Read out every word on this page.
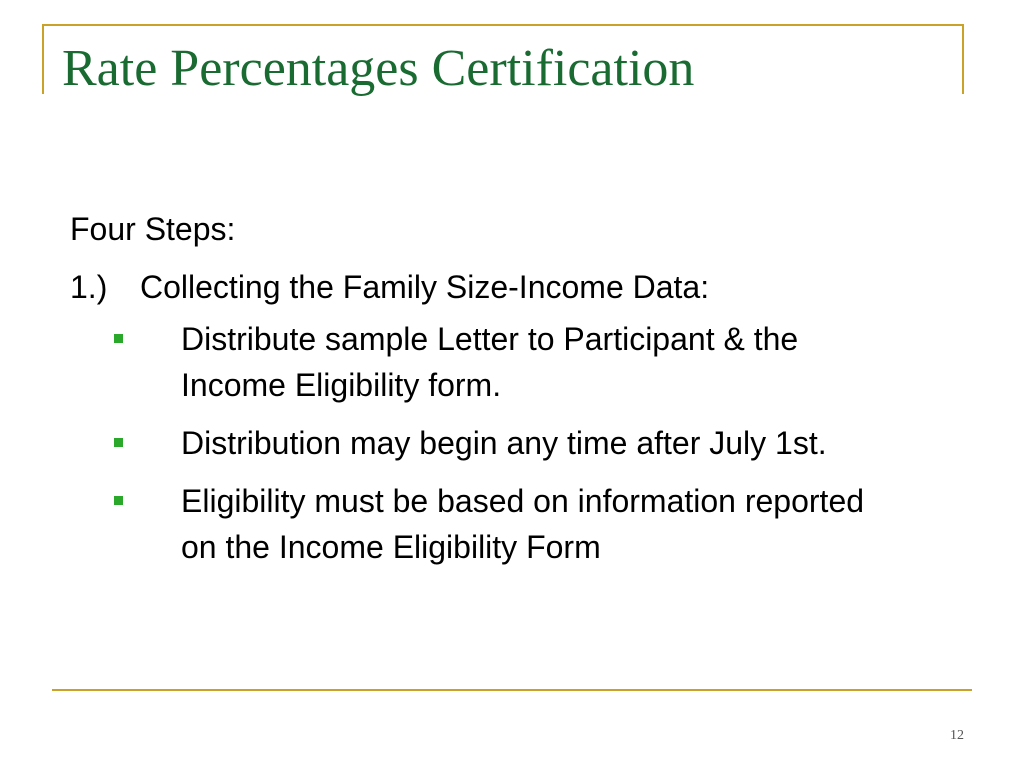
Rate Percentages Certification

Four Steps:

1.) Collecting the Family Size-Income Data:

Distribute sample Letter to Participant & the Income Eligibility form.
Distribution may begin any time after July 1st.
Eligibility must be based on information reported on the Income Eligibility Form
12
